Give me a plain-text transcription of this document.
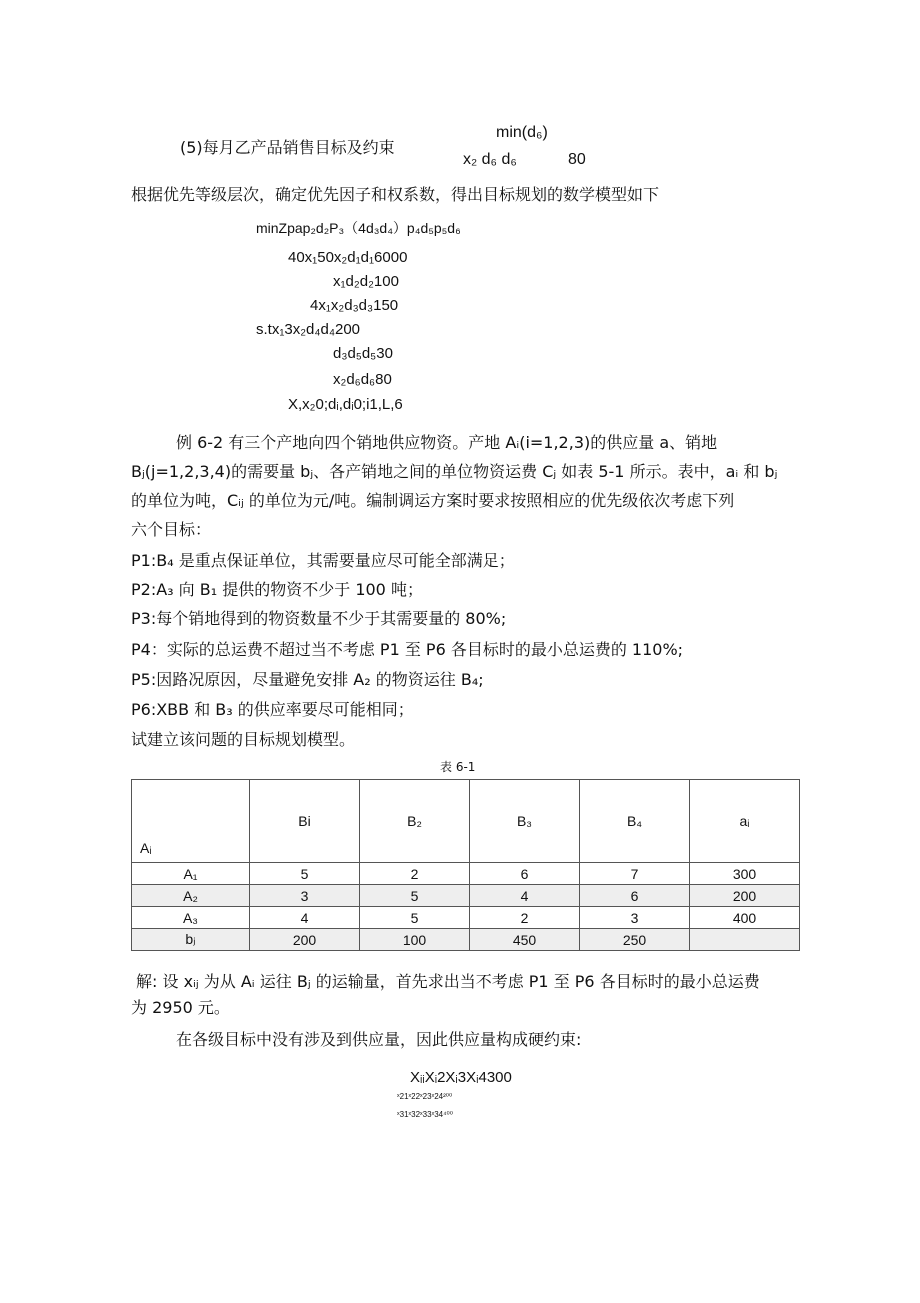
(5)每月乙产品销售目标及约束
min(d₆)
x₂ d₆ d₆	80
根据优先等级层次，确定优先因子和权系数，得出目标规划的数学模型如下
minZpap₂d₂P₃（4d₃d₄）p₄d₅p₅d₆
40x₁50x₂d₁d₁6000
x₁d₂d₂100
4x₁x₂d₃d₃150
s.tx₁3x₂d₄d₄200
d₃d₅d₅30
x₂d₆d₆80
X,x₂0;dᵢ,dᵢ0;i1,L,6
例 6-2 有三个产地向四个销地供应物资。产地 Aᵢ(i=1,2,3)的供应量 a、销地
Bⱼ(j=1,2,3,4)的需要量 bⱼ、各产销地之间的单位物资运费 Cⱼ 如表 5-1 所示。表中，aᵢ 和 bⱼ
的单位为吨，Cᵢⱼ 的单位为元/吨。编制调运方案时要求按照相应的优先级依次考虑下列
六个目标：
P1:B₄ 是重点保证单位，其需要量应尽可能全部满足；
P2:A₃ 向 B₁ 提供的物资不少于 100 吨；
P3:每个销地得到的物资数量不少于其需要量的 80%;
P4：实际的总运费不超过当不考虑 P1 至 P6 各目标时的最小总运费的 110%;
P5:因路况原因，尽量避免安排 A₂ 的物资运往 B₄;
P6:XBB 和 B₃ 的供应率要尽可能相同；
试建立该问题的目标规划模型。
表 6-1
Aᵢ	Bi	B₂	B₃	B₄	aᵢ
A₁	5	2	6	7	300
A₂	3	5	4	6	200
A₃	4	5	2	3	400
bⱼ	200	100	450	250	
解: 设 xᵢⱼ 为从 Aᵢ 运往 Bⱼ 的运输量，首先求出当不考虑 P1 至 P6 各目标时的最小总运费
为 2950 元。
在各级目标中没有涉及到供应量，因此供应量构成硬约束:
XᵢᵢXᵢ2Xᵢ3Xᵢ4300
ˣ21ˣ22ˣ23ˣ24²⁰⁰
ˣ31ˣ32ˣ33ˣ34⁴⁰⁰
